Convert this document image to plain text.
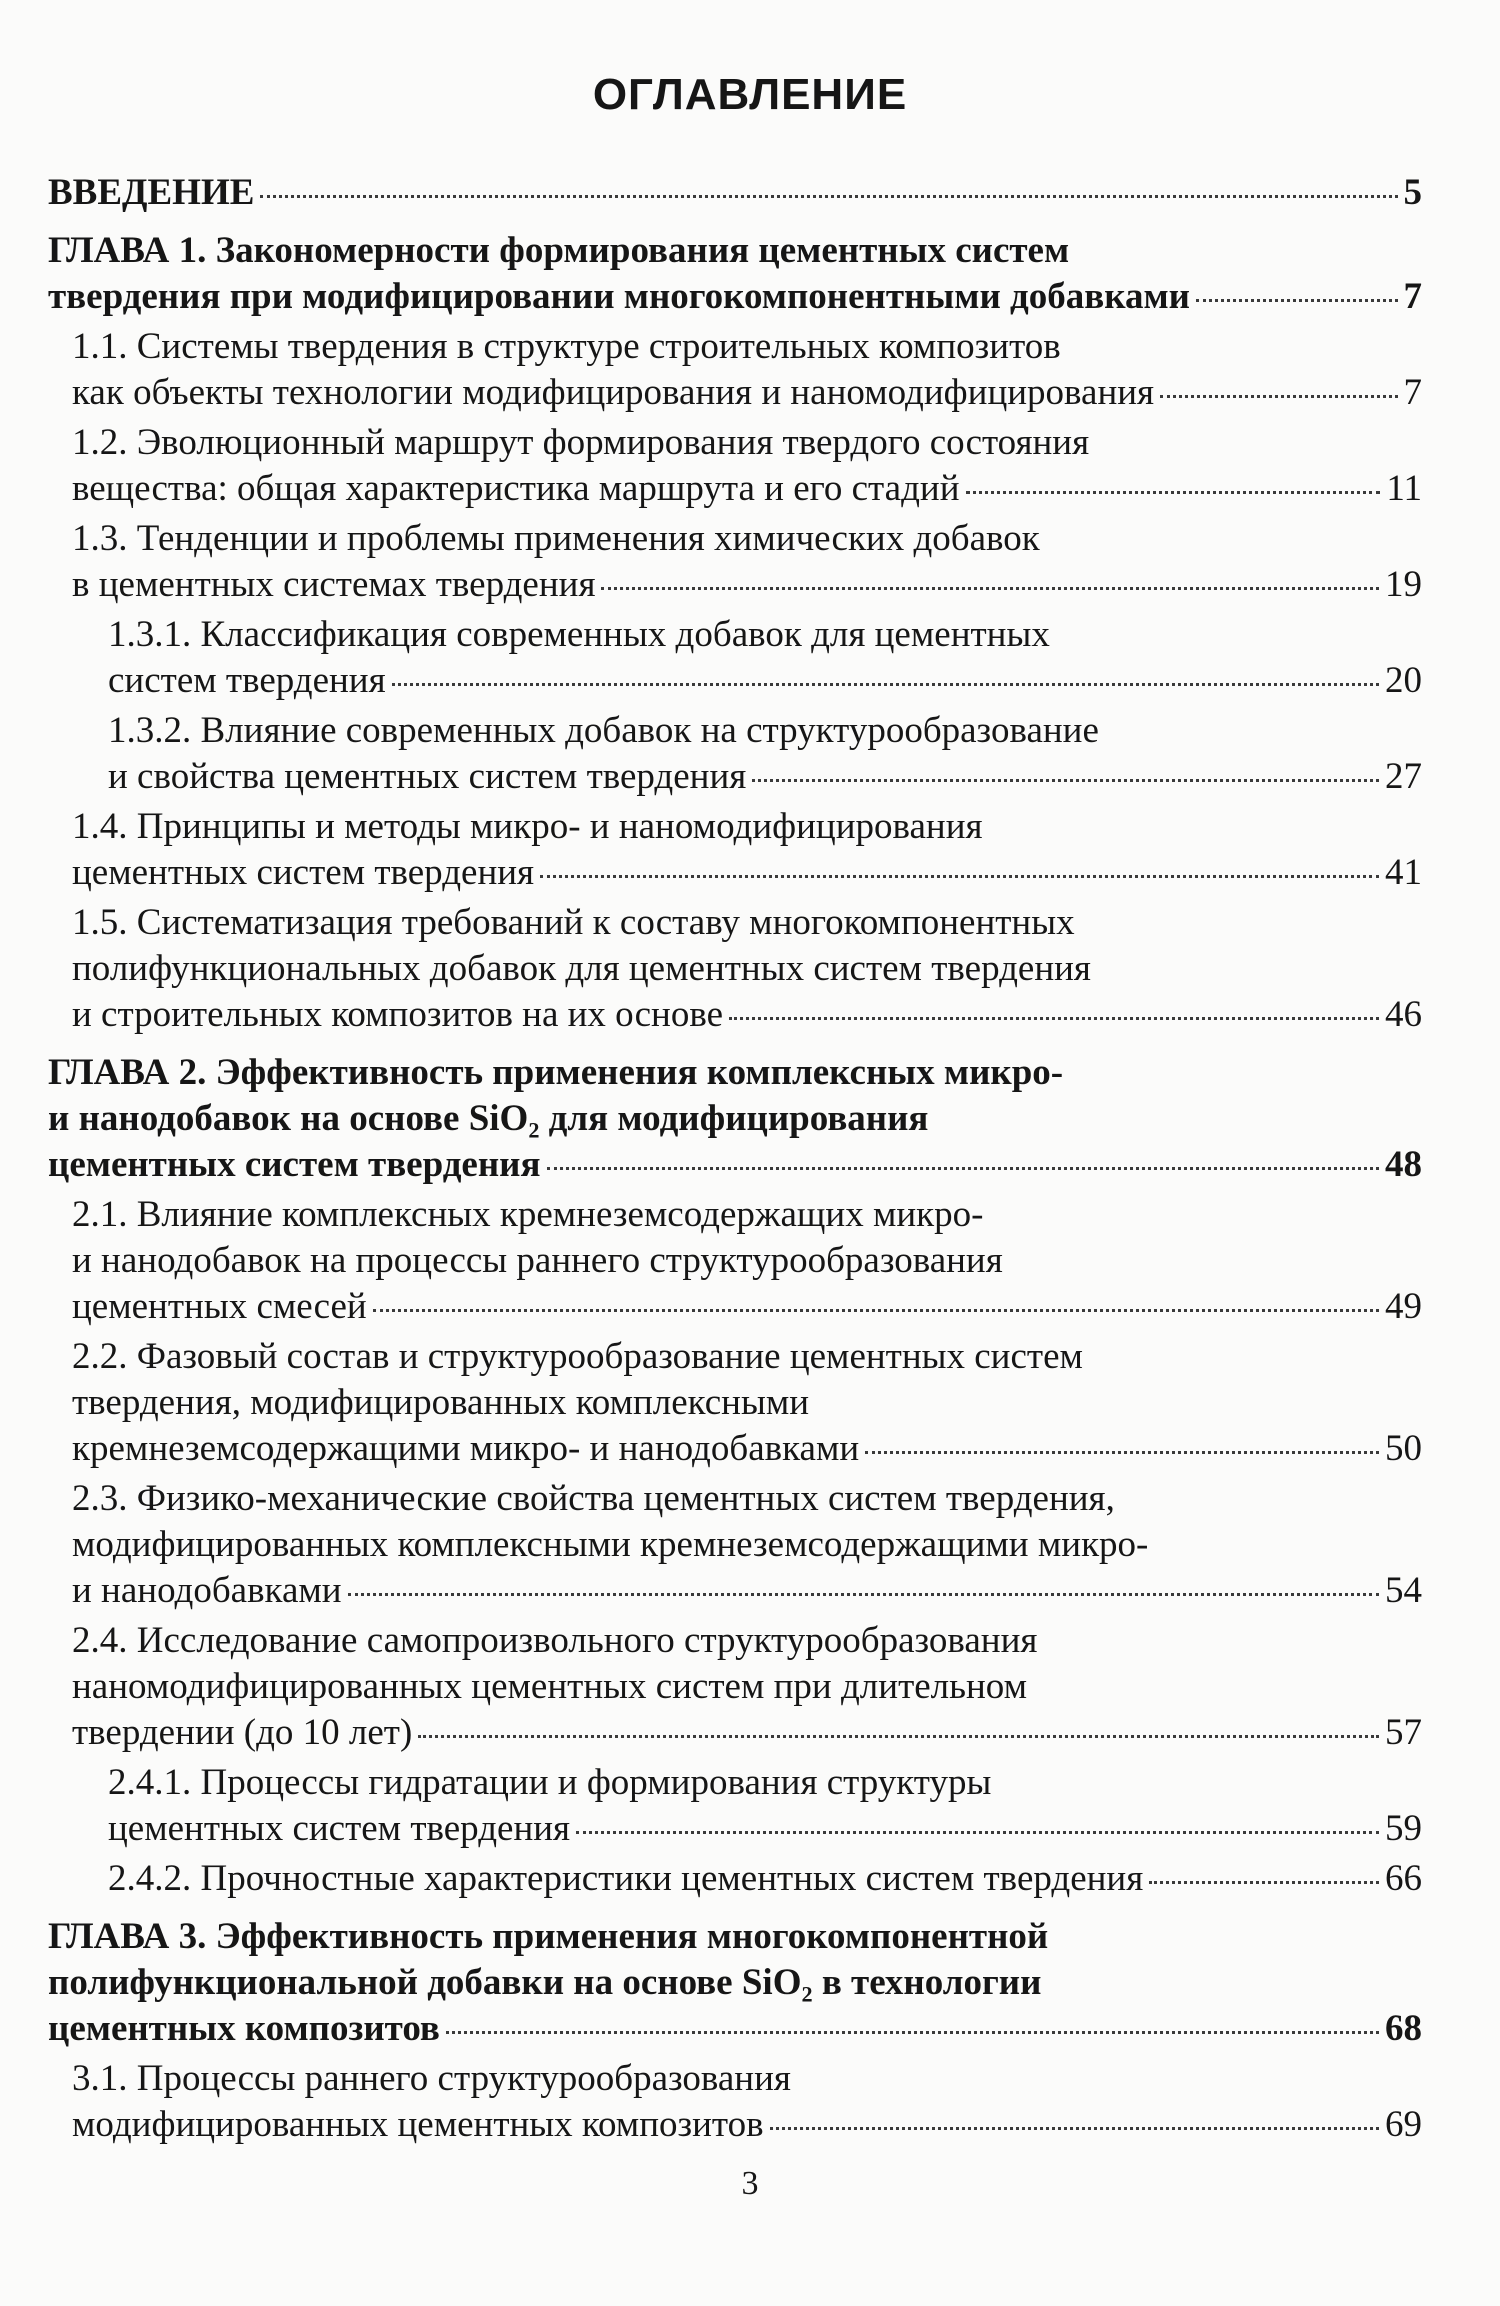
ОГЛАВЛЕНИЕ
ВВЕДЕНИЕ	5
ГЛАВА 1. Закономерности формирования цементных систем
твердения при модифицировании многокомпонентными добавками	7
1.1. Системы твердения в структуре строительных композитов
как объекты технологии модифицирования и наномодифицирования	7
1.2. Эволюционный маршрут формирования твердого состояния
вещества: общая характеристика маршрута и его стадий	11
1.3. Тенденции и проблемы применения химических добавок
в цементных системах твердения	19
1.3.1. Классификация современных добавок для цементных
систем твердения	20
1.3.2. Влияние современных добавок на структурообразование
и свойства цементных систем твердения	27
1.4. Принципы и методы микро- и наномодифицирования
цементных систем твердения	41
1.5. Систематизация требований к составу многокомпонентных
полифункциональных добавок для цементных систем твердения
и строительных композитов на их основе	46
ГЛАВА 2. Эффективность применения комплексных микро-
и нанодобавок на основе SiO₂ для модифицирования
цементных систем твердения	48
2.1. Влияние комплексных кремнеземсодержащих микро-
и нанодобавок на процессы раннего структурообразования
цементных смесей	49
2.2. Фазовый состав и структурообразование цементных систем
твердения, модифицированных комплексными
кремнеземсодержащими микро- и нанодобавками	50
2.3. Физико-механические свойства цементных систем твердения,
модифицированных комплексными кремнеземсодержащими микро-
и нанодобавками	54
2.4. Исследование самопроизвольного структурообразования
наномодифицированных цементных систем при длительном
твердении (до 10 лет)	57
2.4.1. Процессы гидратации и формирования структуры
цементных систем твердения	59
2.4.2. Прочностные характеристики цементных систем твердения	66
ГЛАВА 3. Эффективность применения многокомпонентной
полифункциональной добавки на основе SiO₂ в технологии
цементных композитов	68
3.1. Процессы раннего структурообразования
модифицированных цементных композитов	69
3
